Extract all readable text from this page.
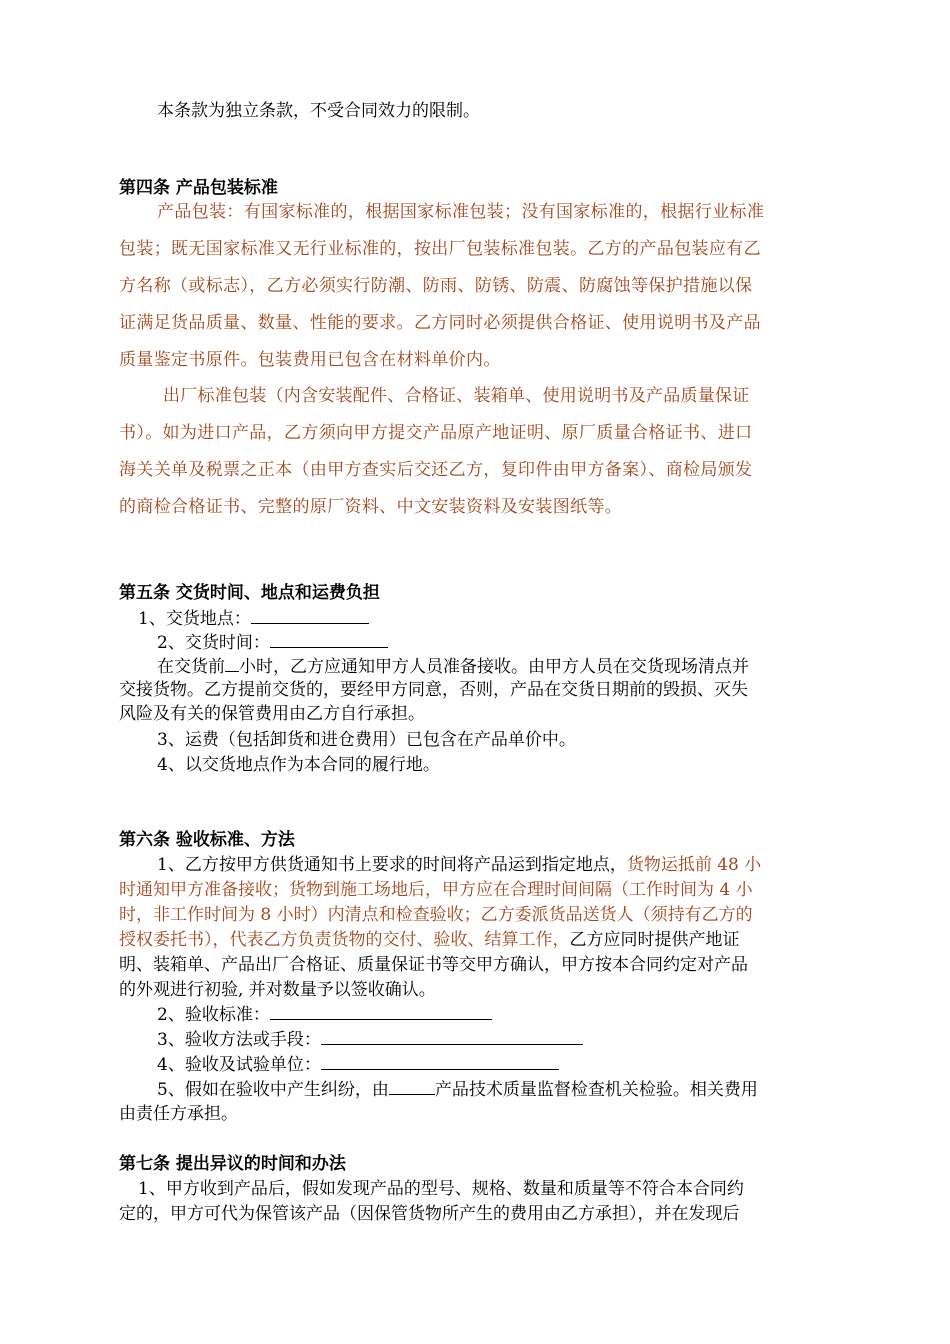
本条款为独立条款，不受合同效力的限制。
第四条 产品包装标准
产品包装：有国家标准的，根据国家标准包装；没有国家标准的，根据行业标准
包装；既无国家标准又无行业标准的，按出厂包装标准包装。乙方的产品包装应有乙
方名称（或标志），乙方必须实行防潮、防雨、防锈、防震、防腐蚀等保护措施以保
证满足货品质量、数量、性能的要求。乙方同时必须提供合格证、使用说明书及产品
质量鉴定书原件。包装费用已包含在材料单价内。
出厂标准包装（内含安装配件、合格证、装箱单、使用说明书及产品质量保证
书）。如为进口产品，乙方须向甲方提交产品原产地证明、原厂质量合格证书、进口
海关关单及税票之正本（由甲方查实后交还乙方，复印件由甲方备案）、商检局颁发
的商检合格证书、完整的原厂资料、中文安装资料及安装图纸等。
第五条 交货时间、地点和运费负担
1、交货地点：
2、交货时间：
在交货前 小时，乙方应通知甲方人员准备接收。由甲方人员在交货现场清点并
交接货物。乙方提前交货的，要经甲方同意，否则，产品在交货日期前的毁损、灭失
风险及有关的保管费用由乙方自行承担。
3、运费（包括卸货和进仓费用）已包含在产品单价中。
4、以交货地点作为本合同的履行地。
第六条 验收标准、方法
1、乙方按甲方供货通知书上要求的时间将产品运到指定地点，货物运抵前 48 小
时通知甲方准备接收；货物到施工场地后，甲方应在合理时间间隔（工作时间为 4 小
时，非工作时间为 8 小时）内清点和检查验收；乙方委派货品送货人（须持有乙方的
授权委托书），代表乙方负责货物的交付、验收、结算工作，乙方应同时提供产地证
明、装箱单、产品出厂合格证、质量保证书等交甲方确认，甲方按本合同约定对产品
的外观进行初验, 并对数量予以签收确认。
2、验收标准：
3、验收方法或手段：
4、验收及试验单位：
5、假如在验收中产生纠纷，由	产品技术质量监督检查机关检验。相关费用
由责任方承担。
第七条 提出异议的时间和办法
1、甲方收到产品后，假如发现产品的型号、规格、数量和质量等不符合本合同约
定的，甲方可代为保管该产品（因保管货物所产生的费用由乙方承担），并在发现后
